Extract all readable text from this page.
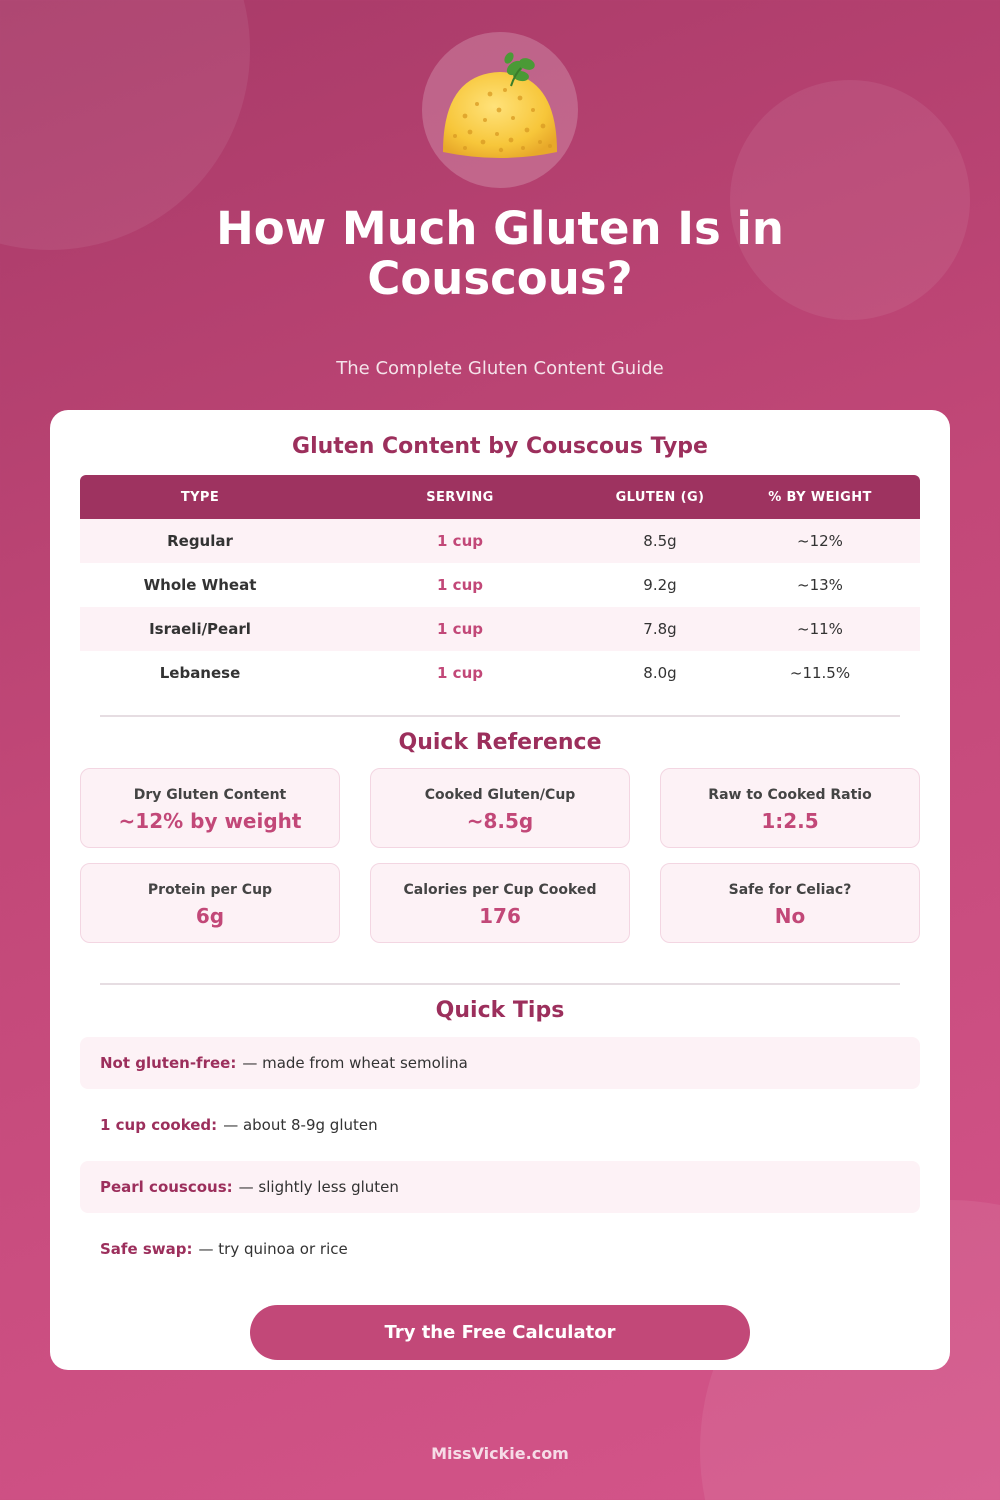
How Much Gluten Is in Couscous?
The Complete Gluten Content Guide
Gluten Content by Couscous Type
TYPE	SERVING	GLUTEN (G)	% BY WEIGHT
Regular	1 cup	8.5g	~12%
Whole Wheat	1 cup	9.2g	~13%
Israeli/Pearl	1 cup	7.8g	~11%
Lebanese	1 cup	8.0g	~11.5%
Quick Reference
Dry Gluten Content
~12% by weight
Cooked Gluten/Cup
~8.5g
Raw to Cooked Ratio
1:2.5
Protein per Cup
6g
Calories per Cup Cooked
176
Safe for Celiac?
No
Quick Tips
Not gluten-free: — made from wheat semolina
1 cup cooked: — about 8-9g gluten
Pearl couscous: — slightly less gluten
Safe swap: — try quinoa or rice
Try the Free Calculator
MissVickie.com
